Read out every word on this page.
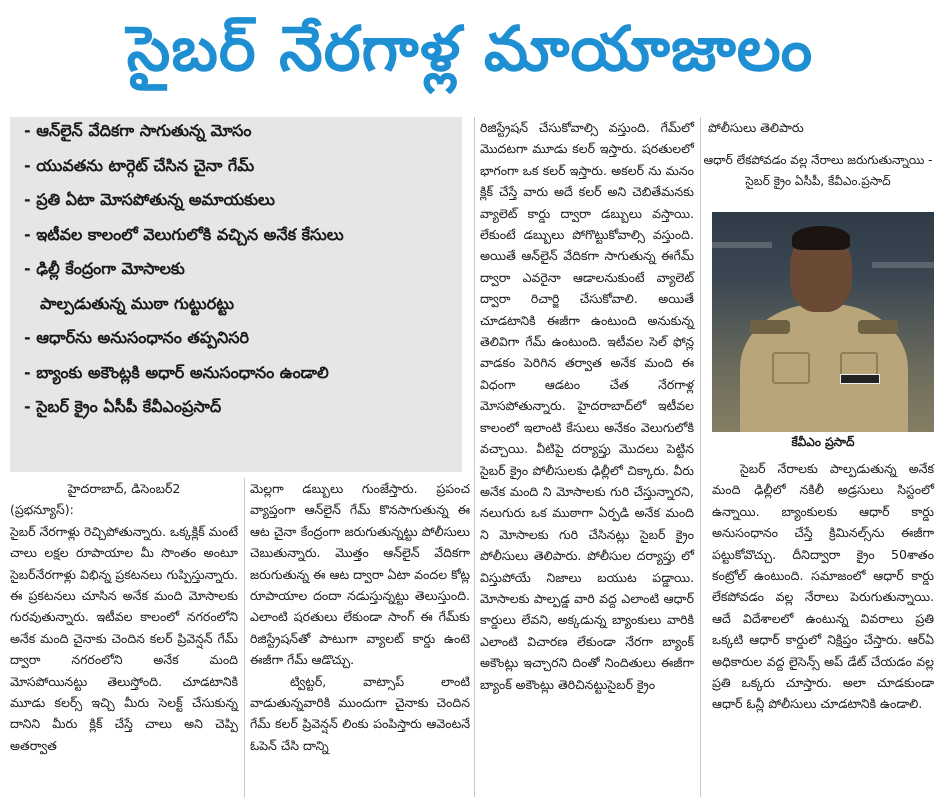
సైబర్ నేరగాళ్ల మాయాజాలం
- ఆన్‌లైన్ వేదికగా సాగుతున్న మోసం
- యువతను టార్గెట్ చేసిన చైనా గేమ్
- ప్రతి ఏటా మోసపోతున్న అమాయకులు
- ఇటీవల కాలంలో వెలుగులోకి వచ్చిన అనేక కేసులు
- ఢిల్లీ కేంద్రంగా మోసాలకు
పాల్పడుతున్న ముఠా గుట్టురట్టు
- ఆధార్‌ను అనుసంధానం తప్పనిసరి
- బ్యాంకు అకౌంట్లకి అధార్ అనుసంధానం ఉండాలి
- సైబర్ క్రైం ఏసీపీ కేవీఎంప్రసాద్

హైదరాబాద్, డిసెంబర్2

(ప్రభన్యూస్):

సైబర్ నేరగాళ్లు రెచ్చిపోతున్నారు. ఒక్కక్లిక్ మంటే చాలు లక్షల రూపాయాల మీ సొంతం అంటూ సైబర్‌నేరగాళ్లు విభిన్న ప్రకటనలు గుప్పిస్తున్నారు. ఈ ప్రకటనలు చూసిన అనేక మంది మోసాలకు గురవుతున్నారు. ఇటీవల కాలంలో నగరంలోని అనేక మంది చైనాకు చెందిన కలర్ ప్రివెన్షన్ గేమ్ ద్వారా నగరంలోని అనేక మంది మోసపోయినట్టు తెలుస్తోంది. చూడటానికి మూడు కలర్స్ ఇచ్చి మీరు సెలక్ట్ చేసుకున్న దానిని మీరు క్లిక్ చేస్తే చాలు అని చెప్పి అతర్వాత

మెల్లగా డబ్బులు గుంజేస్తారు. ప్రపంచ వ్యాప్తంగా ఆన్‌లైన్ గేమ్ కొనసాగుతున్న ఈ ఆట చైనా కేంద్రంగా జరుగుతున్నట్టు పోలీసులు చెబుతున్నారు. మొత్తం ఆన్‌లైన్ వేదికగా జరుగుతున్న ఈ ఆట ద్వారా ఏటా వందల కోట్ల రూపాయాల దందా నడుస్తున్నట్టు తెలుస్తుంది. ఎలాంటి షరతులు లేకుండా సాంగ్ ఈ గేమ్‌కు రిజిస్ట్రేషన్‌తో పాటుగా వ్యాలట్ కార్డు ఉంటె ఈజీగా గేమ్ ఆడొచ్చు.

ట్విట్టర్, వాట్సాప్ లాంటి వాడుతున్నవారికి ముందుగా చైనాకు చెందిన గేమ్ కలర్ ప్రివెన్షన్ లింకు పంపిస్తారు ఆవెంటనే ఓపెన్ చేసి దాన్ని

రిజిస్ట్రేషన్ చేసుకోవాల్సి వస్తుంది. గేమ్‌లో మొదటగా మూడు కలర్ ఇస్తారు. షరతులలో భాగంగా ఒక కలర్ ఇస్తారు. అకలర్ ను మనం క్లిక్ చేస్తే వారు అదే కలర్ అని చెబితేమనకు వ్యాలెట్ కార్డు ద్వారా డబ్బులు వస్తాయి. లేకుంటే డబ్బులు పోగొట్టుకోవాల్సి వస్తుంది. అయితే ఆన్‌లైన్ వేదికగా సాగుతున్న ఈగేమ్ ద్వారా ఎవరైనా ఆడాలనుకుంటే వ్యాలెట్ ద్వారా రిచార్జి చేసుకోవాలి. అయితే చూడటానికి ఈజీగా ఉంటుంది అనుకున్న తెలివిగా గేమ్ ఉంటుంది. ఇటీవల సెల్ ఫోన్ల వాడకం పెరిగిన తర్వాత అనేక మంది ఈ విధంగా ఆడటం చేత నేరగాళ్ల మోసపోతున్నారు. హైదరాబాద్‌లో ఇటీవల కాలంలో ఇలాంటి కేసులు అనేకం వెలుగులోకి వచ్చాయి. వీటిపై దర్యాప్తు మొదలు పెట్టిన సైబర్ క్రైం పోలీసులకు ఢిల్లీలో చిక్కారు. వీరు అనేక మంది ని మోసాలకు గురి చేస్తున్నారని, నలుగురు ఒక ముఠాగా ఏర్పడి అనేక మంది ని మోసాలకు గురి చేసినట్లు సైబర్ క్రైం పోలీసులు తెలిపారు. పోలీసుల దర్యాప్తు లో విస్తుపోయే నిజాలు బయుట పడ్డాయి. మోసాలకు పాల్పడ్డ వారి వద్ద ఎలాంటి ఆధార్ కార్డులు లేవని, అక్కడున్న బ్యాంకులు వారికి ఎలాంటి విచారణ లేకుండా నేరగా బ్యాంక్ అకౌంట్లు ఇచ్చారని దింతో నిందితులు ఈజీగా బ్యాంక్ అకౌంట్లు తెరిచినట్టుసైబర్ క్రైం

పోలీసులు తెలిపారు

ఆధార్ లేకపోవడం వల్ల నేరాలు జరుగుతున్నాయి - సైబర్ క్రైం ఏసీపీ, కేవీఎం.ప్రసాద్
కేవీఎం ప్రసాద్

సైబర్ నేరాలకు పాల్పడుతున్న అనేక మంది ఢిల్లీలో నకిలీ అడ్రసులు సిస్టంలో ఉన్నాయి. బ్యాంకులకు ఆధార్ కార్డు అనుసంధానం చేస్తే క్రిమినల్స్‌ను ఈజీగా పట్టుకోవొచ్చు. దీనిద్వారా క్రైం 50శాతం కంట్రోల్ ఉంటుంది. సమాజంలో ఆధార్ కార్డు లేకపోవడం వల్ల నేరాలు పెరుగుతున్నాయి. ఆదే విదేశాలలో ఉంటున్న వివరాలు ప్రతి ఒక్కటి ఆధార్ కార్డులో నిక్షిప్తం చేస్తారు. ఆర్‌ఏ అధికారుల వద్ద లైసెన్స్ అప్ డేట్ చేయడం వల్ల ప్రతి ఒక్కరు చూస్తారు. అలా చూడకుండా ఆధార్ ఓన్లీ పోలీసులు చూడటానికి ఉండాలి.
